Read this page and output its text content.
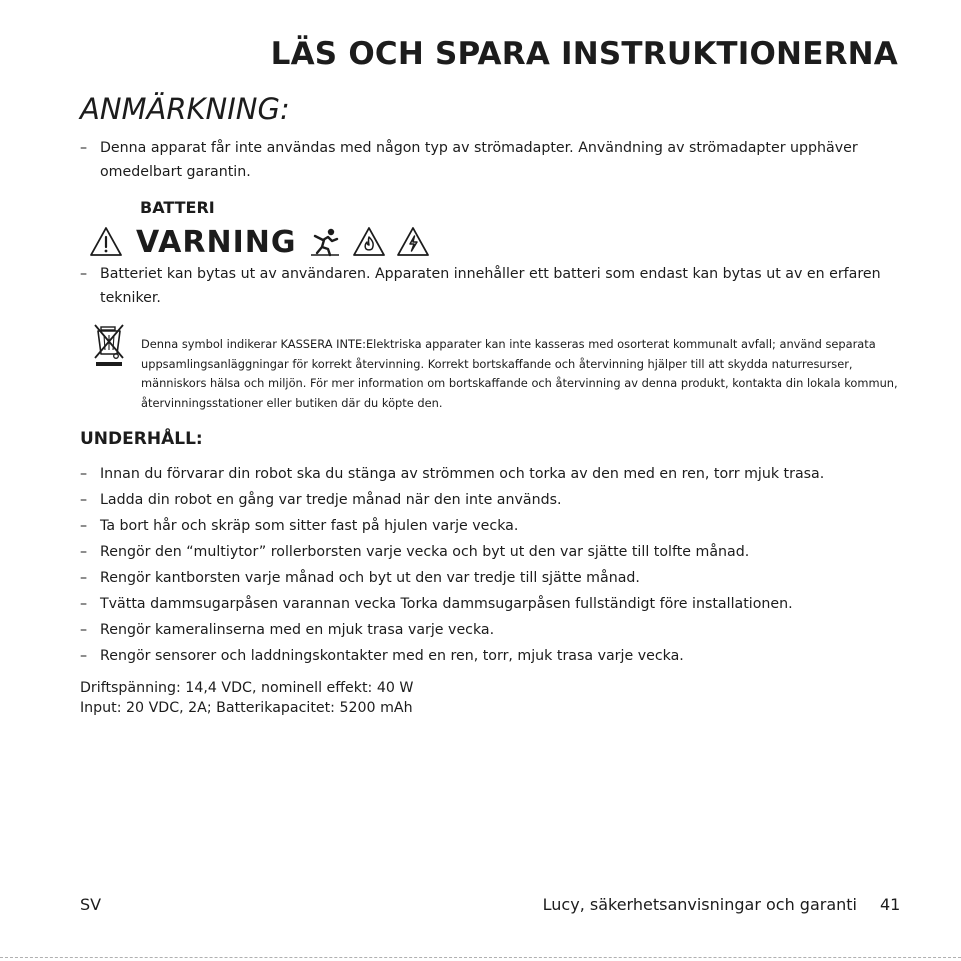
LÄS OCH SPARA INSTRUKTIONERNA
ANMÄRKNING:
– Denna apparat får inte användas med någon typ av strömadapter. Användning av strömadapter upphäver omedelbart garantin.
BATTERI
VARNING
– Batteriet kan bytas ut av användaren. Apparaten innehåller ett batteri som endast kan bytas ut av en erfaren tekniker.
Denna symbol indikerar KASSERA INTE:Elektriska apparater kan inte kasseras med osorterat kommunalt avfall; använd separata uppsamlingsanläggningar för korrekt återvinning. Korrekt bortskaffande och återvinning hjälper till att skydda naturresurser, människors hälsa och miljön. För mer information om bortskaffande och återvinning av denna produkt, kontakta din lokala kommun, återvinningsstationer eller butiken där du köpte den.
UNDERHÅLL:
– Innan du förvarar din robot ska du stänga av strömmen och torka av den med en ren, torr mjuk trasa.
– Ladda din robot en gång var tredje månad när den inte används.
– Ta bort hår och skräp som sitter fast på hjulen varje vecka.
– Rengör den “multiytor” rollerborsten varje vecka och byt ut den var sjätte till tolfte månad.
– Rengör kantborsten varje månad och byt ut den var tredje till sjätte månad.
– Tvätta dammsugarpåsen varannan vecka Torka dammsugarpåsen fullständigt före installationen.
– Rengör kameralinserna med en mjuk trasa varje vecka.
– Rengör sensorer och laddningskontakter med en ren, torr, mjuk trasa varje vecka.
Driftspänning: 14,4 VDC, nominell effekt: 40 W
Input: 20 VDC, 2A; Batterikapacitet: 5200 mAh
SV	Lucy, säkerhetsanvisningar och garanti 41
